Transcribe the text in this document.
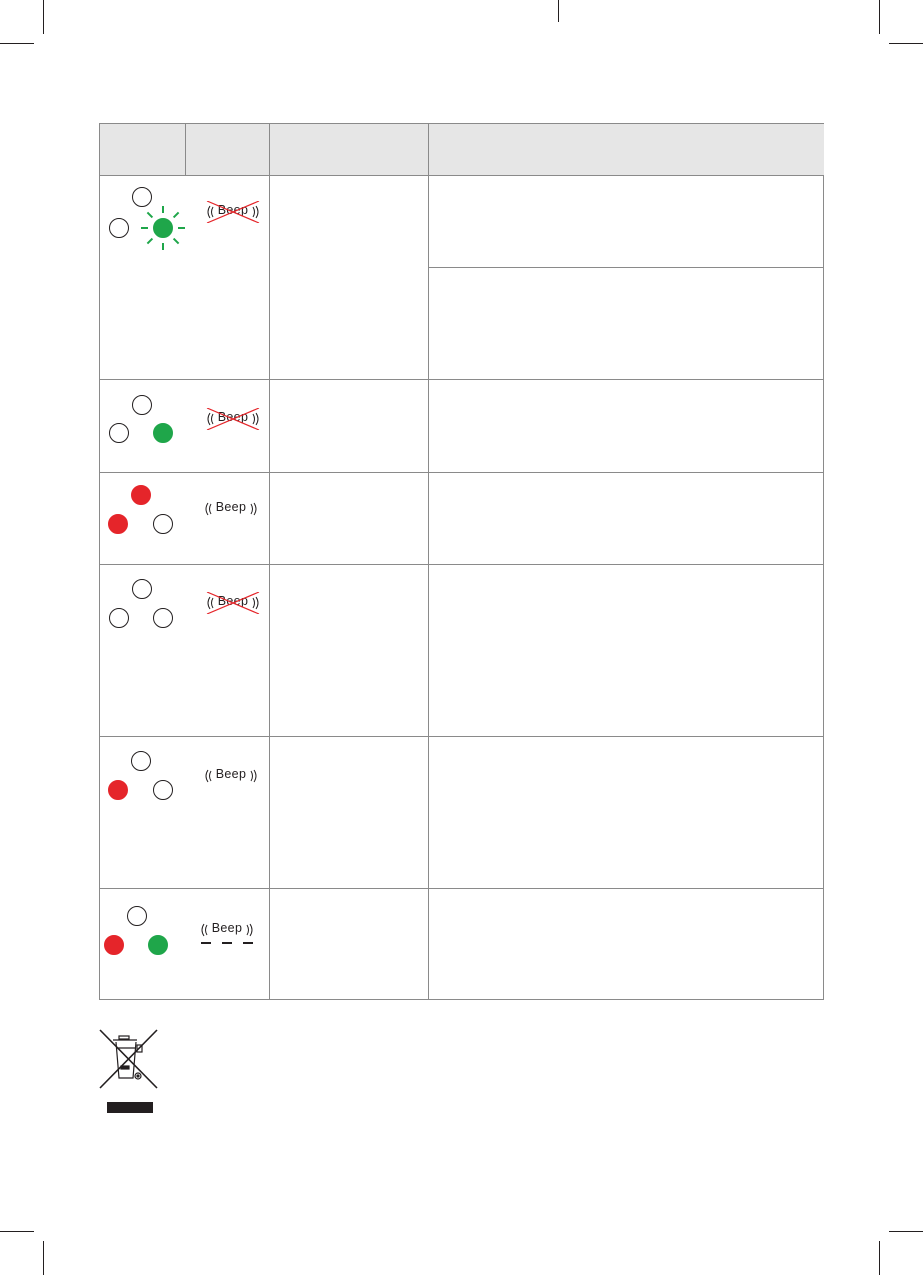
Beep
Beep
Beep
Beep
Beep
Beep
